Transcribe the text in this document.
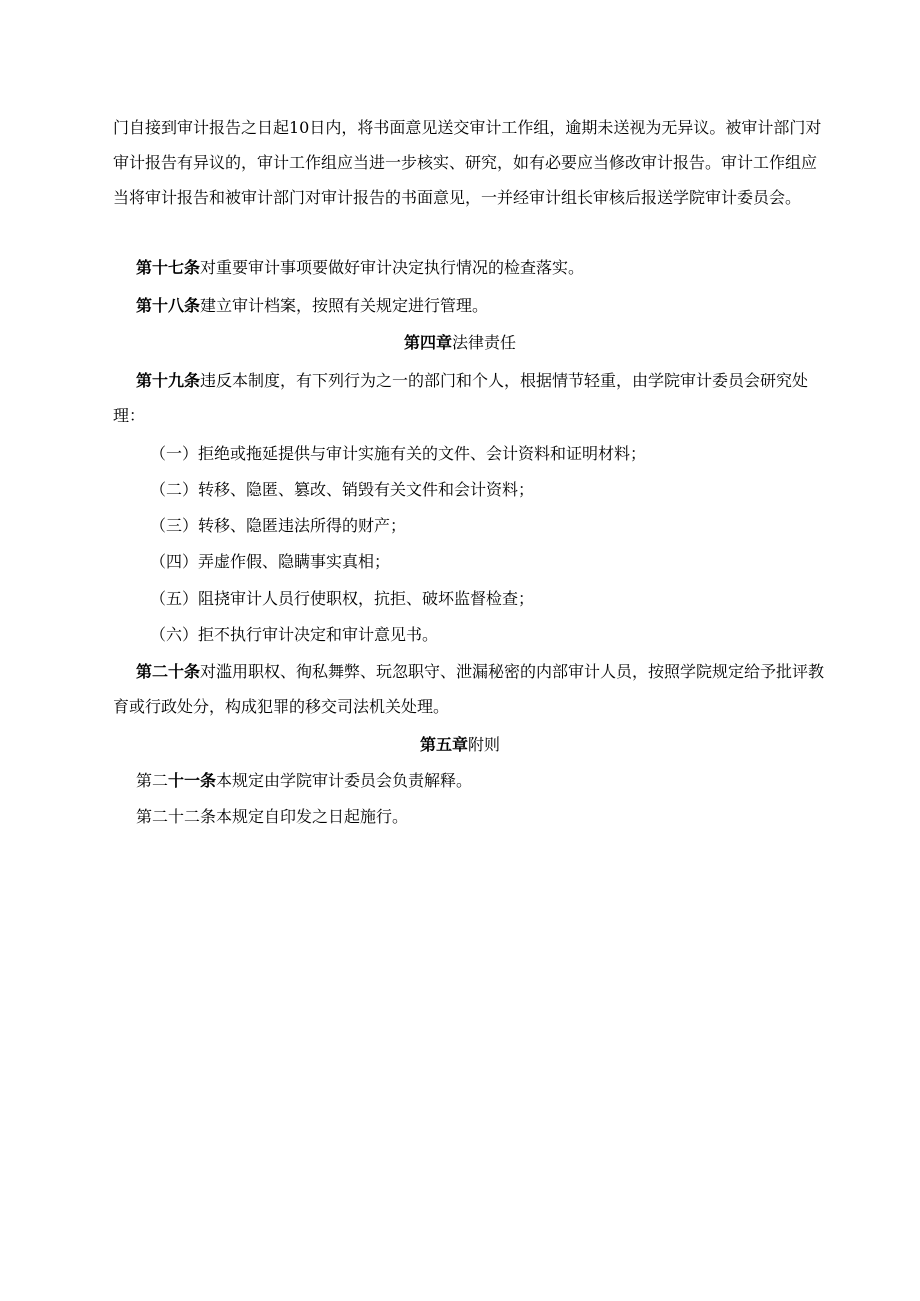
门自接到审计报告之日起10日内，将书面意见送交审计工作组，逾期未送视为无异议。被审计部门对审计报告有异议的，审计工作组应当进一步核实、研究，如有必要应当修改审计报告。审计工作组应当将审计报告和被审计部门对审计报告的书面意见，一并经审计组长审核后报送学院审计委员会。

第十七条对重要审计事项要做好审计决定执行情况的检查落实。

第十八条建立审计档案，按照有关规定进行管理。

第四章法律责任

第十九条违反本制度，有下列行为之一的部门和个人，根据情节轻重，由学院审计委员会研究处理：

（一）拒绝或拖延提供与审计实施有关的文件、会计资料和证明材料；

（二）转移、隐匿、篡改、销毁有关文件和会计资料；

（三）转移、隐匿违法所得的财产；

（四）弄虚作假、隐瞒事实真相；

（五）阻挠审计人员行使职权，抗拒、破坏监督检查；

（六）拒不执行审计决定和审计意见书。

第二十条对滥用职权、徇私舞弊、玩忽职守、泄漏秘密的内部审计人员，按照学院规定给予批评教育或行政处分，构成犯罪的移交司法机关处理。

第五章附则

第二十一条本规定由学院审计委员会负责解释。

第二十二条本规定自印发之日起施行。
